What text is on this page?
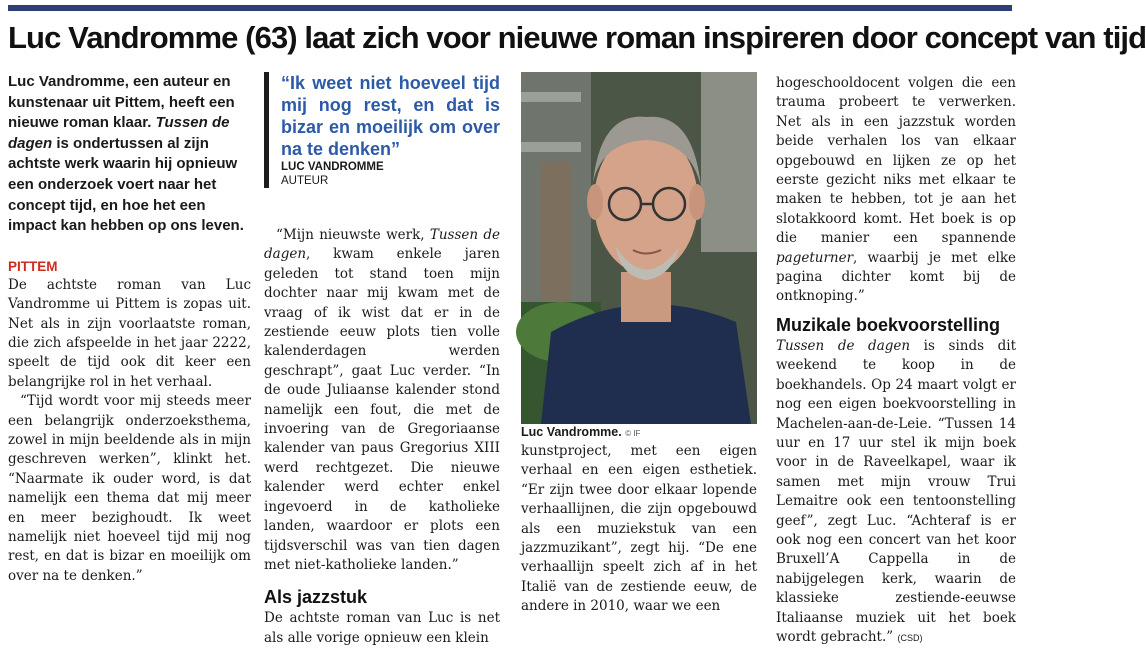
Luc Vandromme (63) laat zich voor nieuwe roman inspireren door concept van tijd

Luc Vandromme, een auteur en kunstenaar uit Pittem, heeft een nieuwe roman klaar. Tussen de dagen is ondertussen al zijn achtste werk waarin hij opnieuw een onderzoek voert naar het concept tijd, en hoe het een impact kan hebben op ons leven.

PITTEM

De achtste roman van Luc Vandromme ui Pittem is zopas uit. Net als in zijn voorlaatste roman, die zich afspeelde in het jaar 2222, speelt de tijd ook dit keer een belangrijke rol in het verhaal.

“Tijd wordt voor mij steeds meer een belangrijk onderzoeksthema, zowel in mijn beeldende als in mijn geschreven werken”, klinkt het. “Naarmate ik ouder word, is dat namelijk een thema dat mij meer en meer bezighoudt. Ik weet namelijk niet hoeveel tijd mij nog rest, en dat is bizar en moeilijk om over na te denken.”

“Ik weet niet hoeveel tijd mij nog rest, en dat is bizar en moeilijk om over na te denken”

LUC VANDROMME

AUTEUR

“Mijn nieuwste werk, Tussen de dagen, kwam enkele jaren geleden tot stand toen mijn dochter naar mij kwam met de vraag of ik wist dat er in de zestiende eeuw plots tien volle kalenderdagen werden geschrapt”, gaat Luc verder. “In de oude Juliaanse kalender stond namelijk een fout, die met de invoering van de Gregoriaanse kalender van paus Gregorius XIII werd rechtgezet. Die nieuwe kalender werd echter enkel ingevoerd in de katholieke landen, waardoor er plots een tijdsverschil was van tien dagen met niet-katholieke landen.”

Als jazzstuk

De achtste roman van Luc is net als alle vorige opnieuw een klein

Luc Vandromme. © IF

kunstproject, met een eigen verhaal en een eigen esthetiek. “Er zijn twee door elkaar lopende verhaallijnen, die zijn opgebouwd als een muziekstuk van een jazzmuzikant”, zegt hij. “De ene verhaallijn speelt zich af in het Italië van de zestiende eeuw, de andere in 2010, waar we een

hogeschooldocent volgen die een trauma probeert te verwerken. Net als in een jazzstuk worden beide verhalen los van elkaar opgebouwd en lijken ze op het eerste gezicht niks met elkaar te maken te hebben, tot je aan het slotakkoord komt. Het boek is op die manier een spannende pageturner, waarbij je met elke pagina dichter komt bij de ontknoping.”

Muzikale boekvoorstelling

Tussen de dagen is sinds dit weekend te koop in de boekhandels. Op 24 maart volgt er nog een eigen boekvoorstelling in Machelen-aan-de-Leie. “Tussen 14 uur en 17 uur stel ik mijn boek voor in de Raveelkapel, waar ik samen met mijn vrouw Trui Lemaitre ook een tentoonstelling geef”, zegt Luc. “Achteraf is er ook nog een concert van het koor Bruxell’A Cappella in de nabijgelegen kerk, waarin de klassieke zestiende-eeuwse Italiaanse muziek uit het boek wordt gebracht.” (CSD)
